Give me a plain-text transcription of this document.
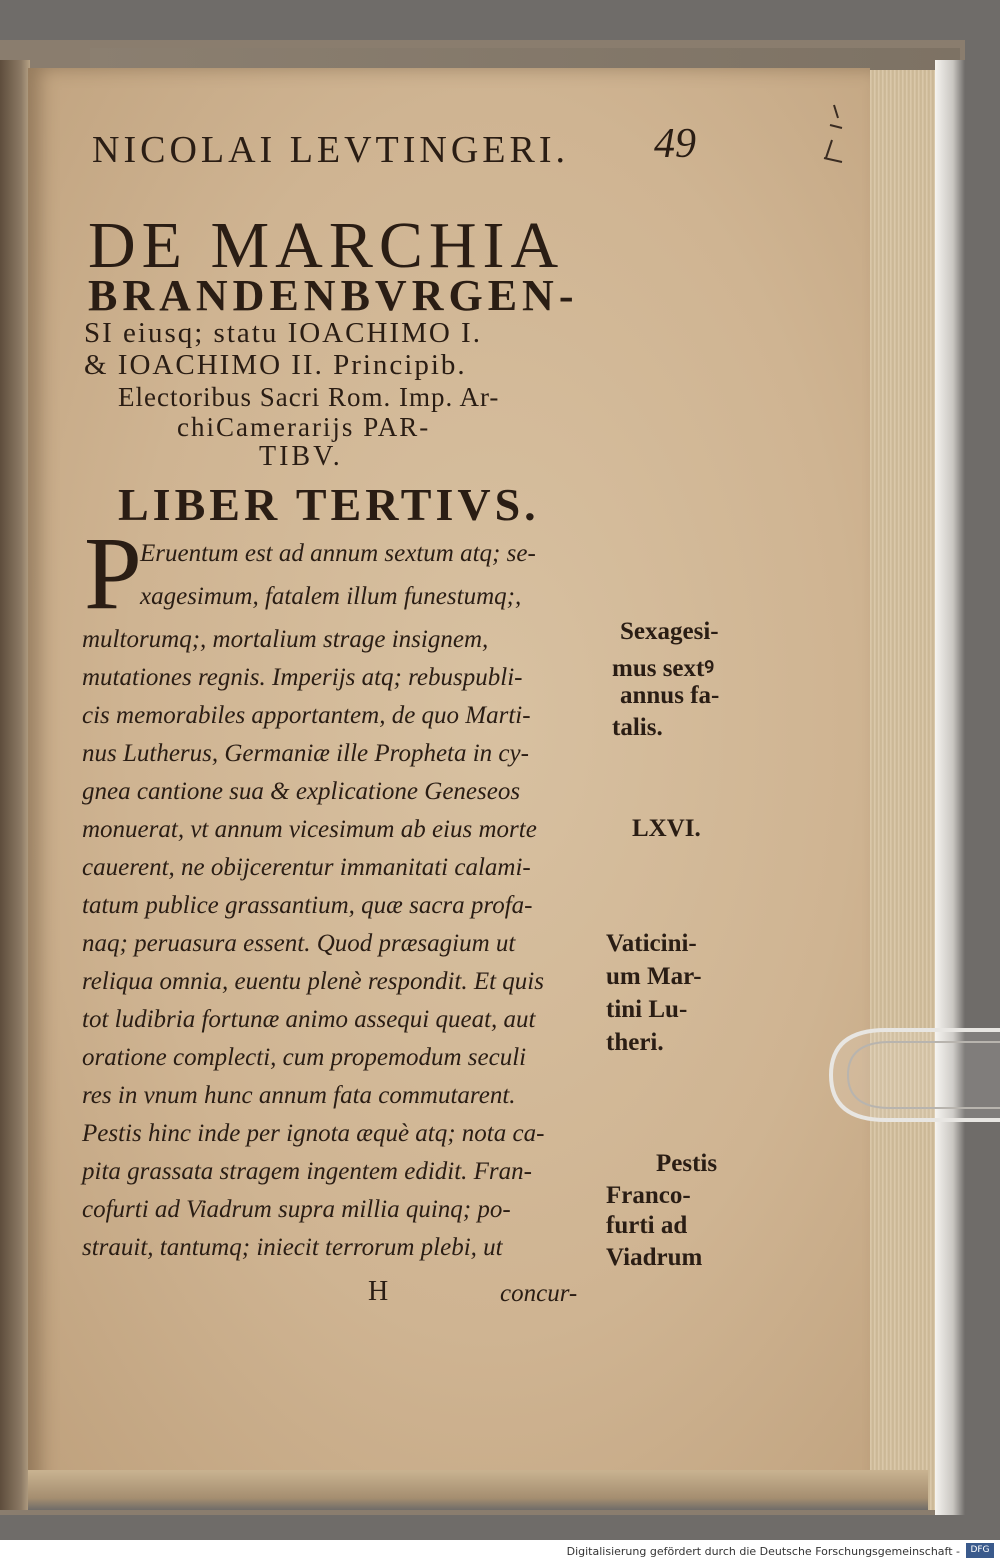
NICOLAI LEVTINGERI. 49
DE MARCHIA
BRANDENBVRGEN-
SI eiusq; statu IOACHIMO I.
& IOACHIMO II. Principib.
Electoribus Sacri Rom. Imp. Ar-
chiCamerarijs PAR-
TIBV.
LIBER TERTIVS.
P
Eruentum est ad annum sextum atq; se-
xagesimum, fatalem illum funestumq;,
multorumq;, mortalium strage insignem,
mutationes regnis. Imperijs atq; rebuspubli-
cis memorabiles apportantem, de quo Marti-
nus Lutherus, Germaniæ ille Propheta in cy-
gnea cantione sua & explicatione Geneseos
monuerat, vt annum vicesimum ab eius morte
cauerent, ne obijcerentur immanitati calami-
tatum publice grassantium, quæ sacra profa-
naq; peruasura essent. Quod præsagium ut
reliqua omnia, euentu plenè respondit. Et quis
tot ludibria fortunæ animo assequi queat, aut
oratione complecti, cum propemodum seculi
res in vnum hunc annum fata commutarent.
Pestis hinc inde per ignota æquè atq; nota ca-
pita grassata stragem ingentem edidit. Fran-
cofurti ad Viadrum supra millia quinq; po-
strauit, tantumq; iniecit terrorum plebi, ut
Sexagesi-
mus sextꝰ
annus fa-
talis.
LXVI.
Vaticini-
um Mar-
tini Lu-
theri.
Pestis
Franco-
furti ad
Viadrum
H	concur-
Digitalisierung gefördert durch die Deutsche Forschungsgemeinschaft -	DFG
